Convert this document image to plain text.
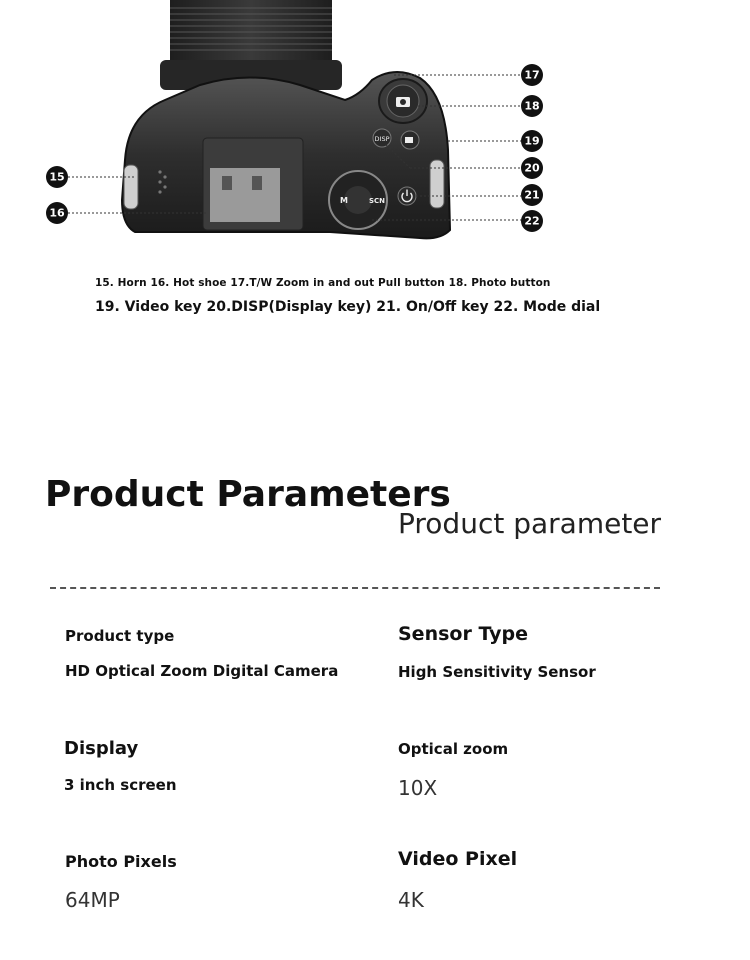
DISP
M	SCN
15
16
17
18
19
20
21
22
15. Horn 16. Hot shoe 17.T/W Zoom in and out Pull button 18. Photo button
19. Video key 20.DISP(Display key) 21. On/Off key 22. Mode dial
Product Parameters
Product parameter
Product type
HD Optical Zoom Digital Camera
Sensor Type
High Sensitivity Sensor
Display
3 inch screen
Optical zoom
10X
Photo Pixels
64MP
Video Pixel
4K
